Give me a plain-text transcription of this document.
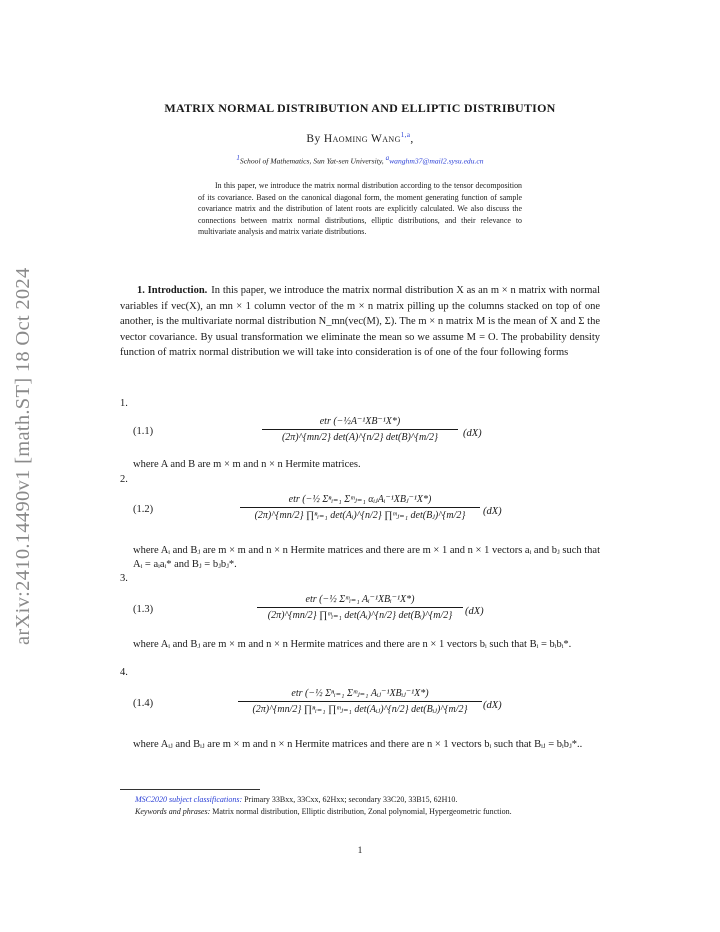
arXiv:2410.14490v1 [math.ST] 18 Oct 2024
MATRIX NORMAL DISTRIBUTION AND ELLIPTIC DISTRIBUTION
By Haoming Wang$^{1,a}$,
$^1$School of Mathematics, Sun Yat-sen University, $^a$wanghm37@mail2.sysu.edu.cn

In this paper, we introduce the matrix normal distribution according to the tensor decomposition of its covariance. Based on the canonical diagonal form, the moment generating function of sample covariance matrix and the distribution of latent roots are explicitly calculated. We also discuss the connections between matrix normal distributions, elliptic distributions, and their relevance to multivariate analysis and matrix variate distributions.

1. Introduction. In this paper, we introduce the matrix normal distribution X as an m × n matrix with normal variables if vec(X), an mn × 1 column vector of the m × n matrix pilling up the columns stacked on top of one another, is the multivariate normal distribution N_mn(vec(M), Σ). The m × n matrix M is the mean of X and Σ the vector covariance. By usual transformation we eliminate the mean so we assume M = O. The probability density function of matrix normal distribution we will take into consideration is of one of the four following forms

1.
(1.1)
etr (−½A⁻¹XB⁻¹X*)
(2π)^{mn/2} det(A)^{n/2} det(B)^{m/2}	(dX)
where A and B are m × m and n × n Hermite matrices.
2.
(1.2)
etr (−½ Σⁿᵢ₌₁ Σᵐⱼ₌₁ αᵢⱼAᵢ⁻¹XBⱼ⁻¹X*)
(2π)^{mn/2} ∏ⁿᵢ₌₁ det(Aᵢ)^{n/2} ∏ᵐⱼ₌₁ det(Bⱼ)^{m/2}	(dX)
where Aᵢ and Bⱼ are m × m and n × n Hermite matrices and there are m × 1 and n × 1 vectors aᵢ and bⱼ such that Aᵢ = aᵢaᵢ* and Bⱼ = bⱼbⱼ*.
3.
(1.3)
etr (−½ Σᵐᵢ₌₁ Aᵢ⁻¹XBᵢ⁻¹X*)
(2π)^{mn/2} ∏ᵐᵢ₌₁ det(Aᵢ)^{n/2} det(Bᵢ)^{m/2}	(dX)
where Aᵢ and Bⱼ are m × m and n × n Hermite matrices and there are n × 1 vectors bᵢ such that Bᵢ = bᵢbᵢ*.
4.
(1.4)
etr (−½ Σⁿᵢ₌₁ Σᵐⱼ₌₁ Aᵢⱼ⁻¹XBᵢⱼ⁻¹X*)
(2π)^{mn/2} ∏ⁿᵢ₌₁ ∏ᵐⱼ₌₁ det(Aᵢⱼ)^{n/2} det(Bᵢⱼ)^{m/2}	(dX)
where Aᵢⱼ and Bᵢⱼ are m × m and n × n Hermite matrices and there are n × 1 vectors bᵢ such that Bᵢⱼ = bᵢbⱼ*..

MSC2020 subject classifications: Primary 33Bxx, 33Cxx, 62Hxx; secondary 33C20, 33B15, 62H10.

Keywords and phrases: Matrix normal distribution, Elliptic distribution, Zonal polynomial, Hypergeometric function.

1
